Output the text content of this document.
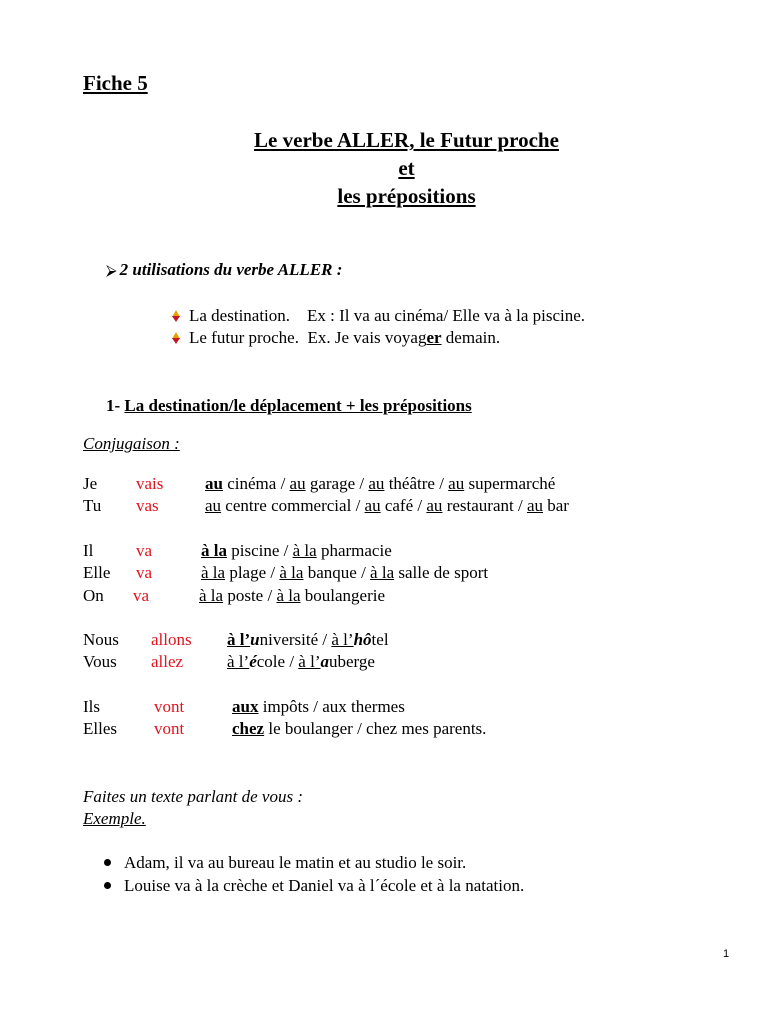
Fiche 5
Le verbe ALLER, le Futur proche
et
les prépositions
⮚ 2 utilisations du verbe ALLER :
La destination.    Ex : Il va au cinéma/ Elle va à la piscine.
Le futur proche.  Ex. Je vais voyager demain.
1- La destination/le déplacement + les prépositions
Conjugaison :
Je vais au cinéma / au garage / au théâtre / au supermarché
Tu vas	au centre commercial / au café / au restaurant / au bar
Il	va	à la piscine / à la pharmacie
Elle va	à la plage / à la banque / à la salle de sport
On va	à la poste / à la boulangerie
Nous allons à l’université / à l’hôtel
Vous allez	à l’école / à l’auberge
Ils	vont	aux impôts / aux thermes
Elles vont	chez le boulanger / chez mes parents.
Faites un texte parlant de vous :
Exemple.
Adam, il va au bureau le matin et au studio le soir.
Louise va à la crèche et Daniel va à l´école et à la natation.
1
